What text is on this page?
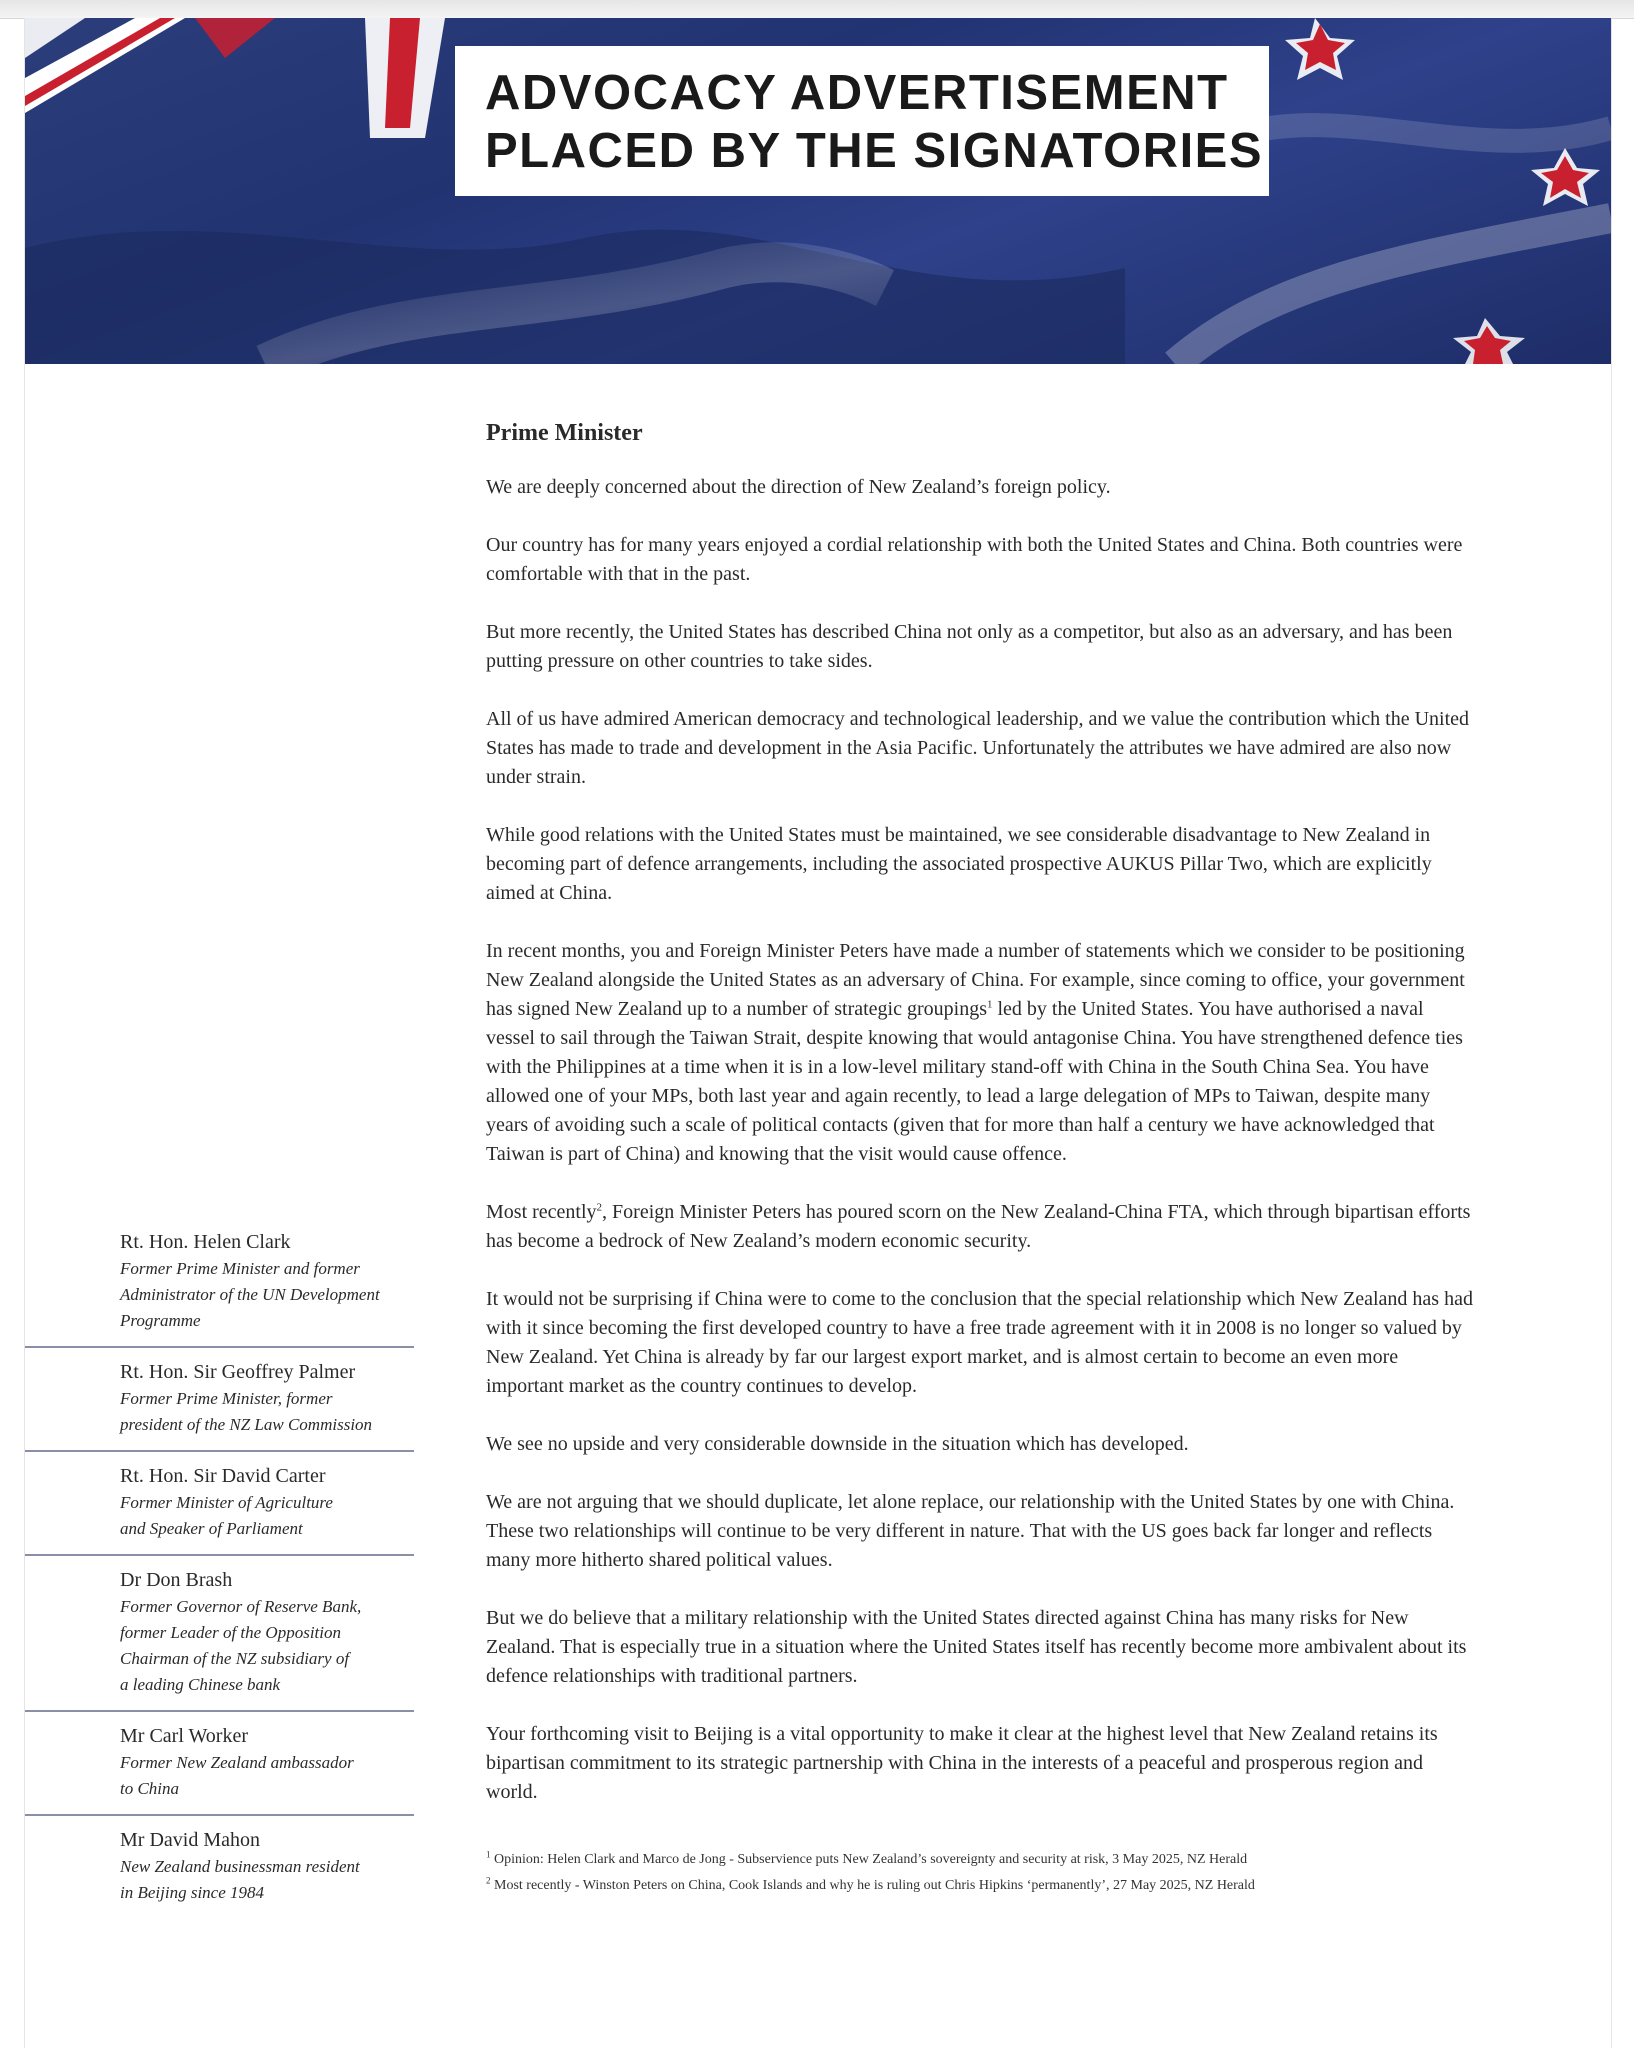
ADVOCACY ADVERTISEMENT

PLACED BY THE SIGNATORIES

Prime Minister

We are deeply concerned about the direction of New Zealand’s foreign policy.

Our country has for many years enjoyed a cordial relationship with both the United States and China. Both countries were comfortable with that in the past.

But more recently, the United States has described China not only as a competitor, but also as an adversary, and has been putting pressure on other countries to take sides.

All of us have admired American democracy and technological leadership, and we value the contribution which the United States has made to trade and development in the Asia Pacific. Unfortunately the attributes we have admired are also now under strain.

While good relations with the United States must be maintained, we see considerable disadvantage to New Zealand in becoming part of defence arrangements, including the associated prospective AUKUS Pillar Two, which are explicitly aimed at China.

In recent months, you and Foreign Minister Peters have made a number of statements which we consider to be positioning New Zealand alongside the United States as an adversary of China. For example, since coming to office, your government has signed New Zealand up to a number of strategic groupings$^1$ led by the United States. You have authorised a naval vessel to sail through the Taiwan Strait, despite knowing that would antagonise China. You have strengthened defence ties with the Philippines at a time when it is in a low-level military stand-off with China in the South China Sea. You have allowed one of your MPs, both last year and again recently, to lead a large delegation of MPs to Taiwan, despite many years of avoiding such a scale of political contacts (given that for more than half a century we have acknowledged that Taiwan is part of China) and knowing that the visit would cause offence.

Most recently$^2$, Foreign Minister Peters has poured scorn on the New Zealand-China FTA, which through bipartisan efforts has become a bedrock of New Zealand’s modern economic security.

It would not be surprising if China were to come to the conclusion that the special relationship which New Zealand has had with it since becoming the first developed country to have a free trade agreement with it in 2008 is no longer so valued by New Zealand. Yet China is already by far our largest export market, and is almost certain to become an even more important market as the country continues to develop.

We see no upside and very considerable downside in the situation which has developed.

We are not arguing that we should duplicate, let alone replace, our relationship with the United States by one with China. These two relationships will continue to be very different in nature. That with the US goes back far longer and reflects many more hitherto shared political values.

But we do believe that a military relationship with the United States directed against China has many risks for New Zealand. That is especially true in a situation where the United States itself has recently become more ambivalent about its defence relationships with traditional partners.

Your forthcoming visit to Beijing is a vital opportunity to make it clear at the highest level that New Zealand retains its bipartisan commitment to its strategic partnership with China in the interests of a peaceful and prosperous region and world.

$^1$ Opinion: Helen Clark and Marco de Jong - Subservience puts New Zealand’s sovereignty and security at risk, 3 May 2025, NZ Herald
$^2$ Most recently - Winston Peters on China, Cook Islands and why he is ruling out Chris Hipkins ‘permanently’, 27 May 2025, NZ Herald
Rt. Hon. Helen Clark
Former Prime Minister and former
Administrator of the UN Development
Programme
Rt. Hon. Sir Geoffrey Palmer
Former Prime Minister, former
president of the NZ Law Commission
Rt. Hon. Sir David Carter
Former Minister of Agriculture
and Speaker of Parliament
Dr Don Brash
Former Governor of Reserve Bank,
former Leader of the Opposition
Chairman of the NZ subsidiary of
a leading Chinese bank
Mr Carl Worker
Former New Zealand ambassador
to China
Mr David Mahon
New Zealand businessman resident
in Beijing since 1984
